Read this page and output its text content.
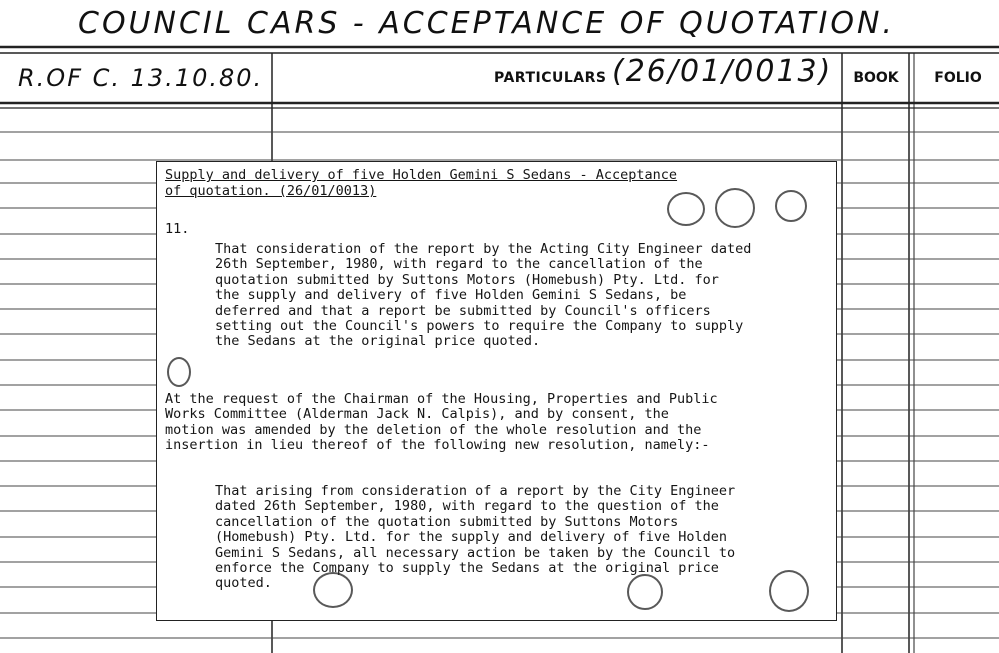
COUNCIL CARS - ACCEPTANCE OF QUOTATION.
R.OF C. 13.10.80.	PARTICULARS (26/01/0013) BOOK	FOLIO
Supply and delivery of five Holden Gemini S Sedans - Acceptance
of quotation. (26/01/0013)
11.
That consideration of the report by the Acting City Engineer dated
26th September, 1980, with regard to the cancellation of the
quotation submitted by Suttons Motors (Homebush) Pty. Ltd. for
the supply and delivery of five Holden Gemini S Sedans, be
deferred and that a report be submitted by Council's officers
setting out the Council's powers to require the Company to supply
the Sedans at the original price quoted.
At the request of the Chairman of the Housing, Properties and Public
Works Committee (Alderman Jack N. Calpis), and by consent, the
motion was amended by the deletion of the whole resolution and the
insertion in lieu thereof of the following new resolution, namely:-
That arising from consideration of a report by the City Engineer
dated 26th September, 1980, with regard to the question of the
cancellation of the quotation submitted by Suttons Motors
(Homebush) Pty. Ltd. for the supply and delivery of five Holden
Gemini S Sedans, all necessary action be taken by the Council to
enforce the Company to supply the Sedans at the original price
quoted.
